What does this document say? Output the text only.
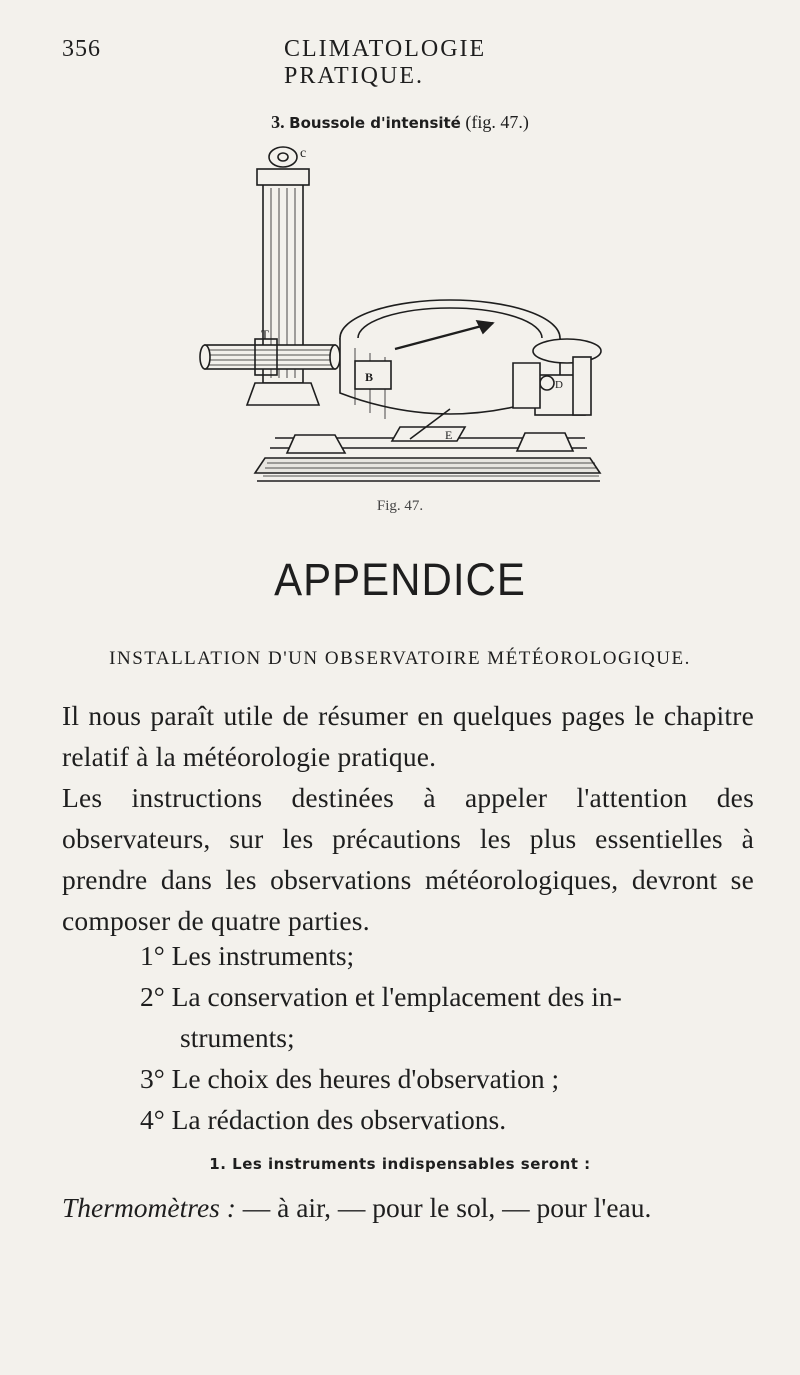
356	CLIMATOLOGIE PRATIQUE.
3. Boussole d'intensité (fig. 47.)
c
T
B
D
E
Fig. 47.
APPENDICE
INSTALLATION D'UN OBSERVATOIRE MÉTÉOROLOGIQUE.

Il nous paraît utile de résumer en quelques pages le chapitre relatif à la météorologie pratique.

Les instructions destinées à appeler l'attention des observateurs, sur les précautions les plus essentielles à prendre dans les observations météorologiques, devront se composer de quatre parties.

1° Les instruments;

2° La conservation et l'emplacement des in-

struments;

3° Le choix des heures d'observation ;

4° La rédaction des observations.

1. Les instruments indispensables seront :
Thermomètres : — à air, — pour le sol, — pour l'eau.
